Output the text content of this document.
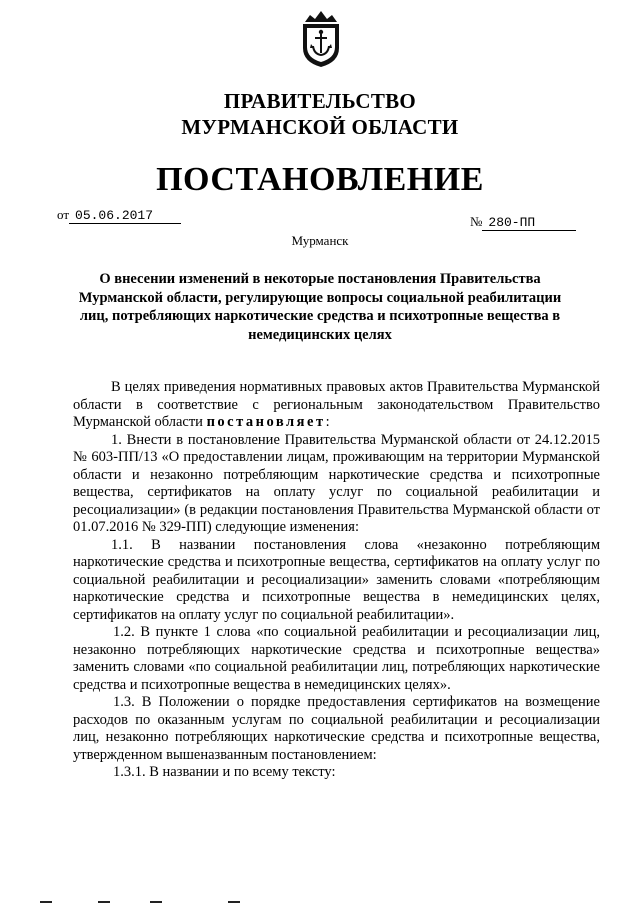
ПРАВИТЕЛЬСТВО
МУРМАНСКОЙ ОБЛАСТИ
ПОСТАНОВЛЕНИЕ
от 05.06.2017	№ 280-ПП
Мурманск
О внесении изменений в некоторые постановления Правительства Мурманской области, регулирующие вопросы социальной реабилитации лиц, потребляющих наркотические средства и психотропные вещества в немедицинских целях

В целях приведения нормативных правовых актов Правительства Мурманской области в соответствие с региональным законодательством Правительство Мурманской области постановляет:

1. Внести в постановление Правительства Мурманской области от 24.12.2015 № 603-ПП/13 «О предоставлении лицам, проживающим на территории Мурманской области и незаконно потребляющим наркотические средства и психотропные вещества, сертификатов на оплату услуг по социальной реабилитации и ресоциализации» (в редакции постановления Правительства Мурманской области от 01.07.2016 № 329-ПП) следующие изменения:

1.1. В названии постановления слова «незаконно потребляющим наркотические средства и психотропные вещества, сертификатов на оплату услуг по социальной реабилитации и ресоциализации» заменить словами «потребляющим наркотические средства и психотропные вещества в немедицинских целях, сертификатов на оплату услуг по социальной реабилитации».

1.2. В пункте 1 слова «по социальной реабилитации и ресоциализации лиц, незаконно потребляющих наркотические средства и психотропные вещества» заменить словами «по социальной реабилитации лиц, потребляющих наркотические средства и психотропные вещества в немедицинских целях».

1.3. В Положении о порядке предоставления сертификатов на возмещение расходов по оказанным услугам по социальной реабилитации и ресоциализации лиц, незаконно потребляющих наркотические средства и психотропные вещества, утвержденном вышеназванным постановлением:

1.3.1. В названии и по всему тексту:
